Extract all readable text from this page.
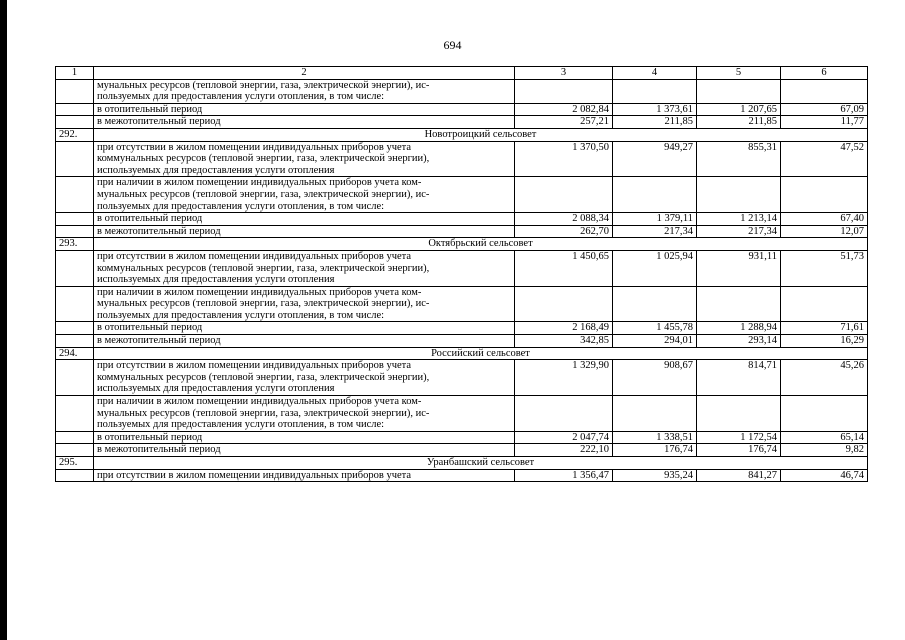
694
1	2	3	4	5	6
	мунальных ресурсов (тепловой энергии, газа, электрической энергии), ис-
пользуемых для предоставления услуги отопления, в том числе:				
	в отопительный период	2 082,84	1 373,61	1 207,65	67,09
	в межотопительный период	257,21	211,85	211,85	11,77
292.	Новотроицкий сельсовет				
	при отсутствии в жилом помещении индивидуальных приборов учета
коммунальных ресурсов (тепловой энергии, газа, электрической энергии),
используемых для предоставления услуги отопления	1 370,50	949,27	855,31	47,52
	при наличии в жилом помещении индивидуальных приборов учета ком-
мунальных ресурсов (тепловой энергии, газа, электрической энергии), ис-
пользуемых для предоставления услуги отопления, в том числе:				
	в отопительный период	2 088,34	1 379,11	1 213,14	67,40
	в межотопительный период	262,70	217,34	217,34	12,07
293.	Октябрьский сельсовет				
	при отсутствии в жилом помещении индивидуальных приборов учета
коммунальных ресурсов (тепловой энергии, газа, электрической энергии),
используемых для предоставления услуги отопления	1 450,65	1 025,94	931,11	51,73
	при наличии в жилом помещении индивидуальных приборов учета ком-
мунальных ресурсов (тепловой энергии, газа, электрической энергии), ис-
пользуемых для предоставления услуги отопления, в том числе:				
	в отопительный период	2 168,49	1 455,78	1 288,94	71,61
	в межотопительный период	342,85	294,01	293,14	16,29
294.	Российский сельсовет				
	при отсутствии в жилом помещении индивидуальных приборов учета
коммунальных ресурсов (тепловой энергии, газа, электрической энергии),
используемых для предоставления услуги отопления	1 329,90	908,67	814,71	45,26
	при наличии в жилом помещении индивидуальных приборов учета ком-
мунальных ресурсов (тепловой энергии, газа, электрической энергии), ис-
пользуемых для предоставления услуги отопления, в том числе:				
	в отопительный период	2 047,74	1 338,51	1 172,54	65,14
	в межотопительный период	222,10	176,74	176,74	9,82
295.	Уранбашский сельсовет				
	при отсутствии в жилом помещении индивидуальных приборов учета	1 356,47	935,24	841,27	46,74
